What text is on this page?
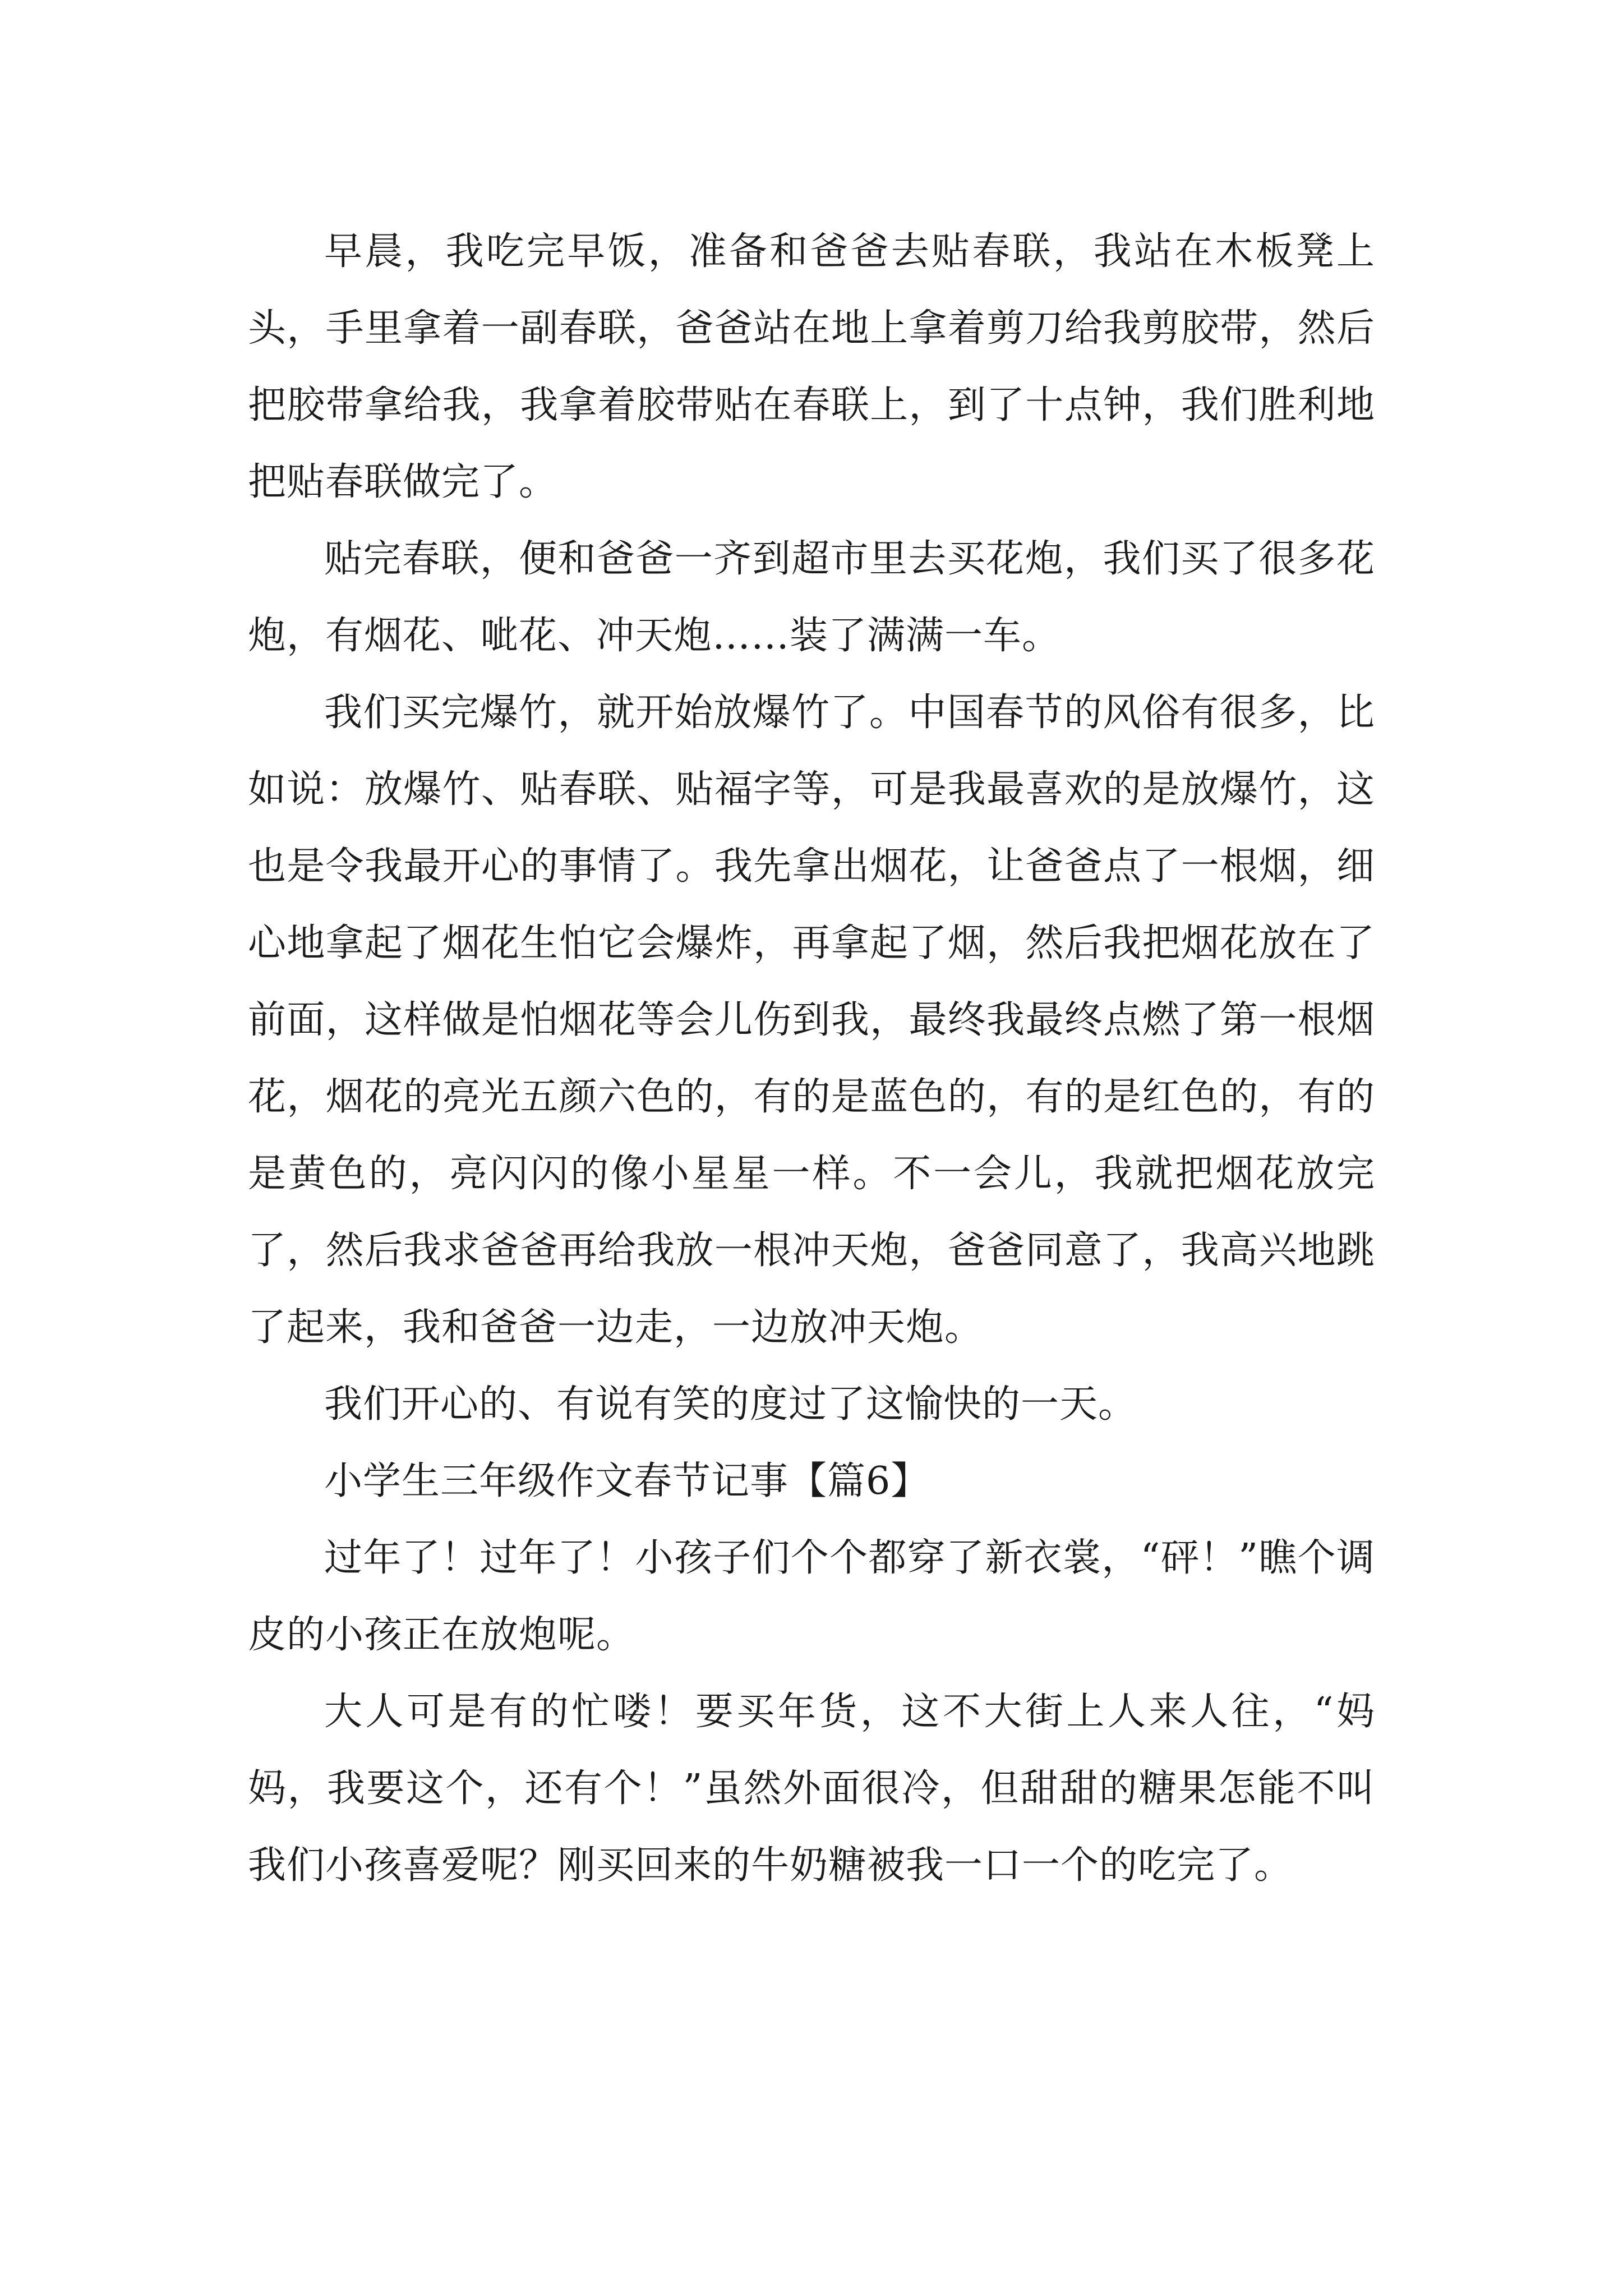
早晨，我吃完早饭，准备和爸爸去贴春联，我站在木板凳上头，手里拿着一副春联，爸爸站在地上拿着剪刀给我剪胶带，然后把胶带拿给我，我拿着胶带贴在春联上，到了十点钟，我们胜利地把贴春联做完了。

贴完春联，便和爸爸一齐到超市里去买花炮，我们买了很多花炮，有烟花、呲花、冲天炮……装了满满一车。

我们买完爆竹，就开始放爆竹了。中国春节的风俗有很多，比如说：放爆竹、贴春联、贴福字等，可是我最喜欢的是放爆竹，这也是令我最开心的事情了。我先拿出烟花，让爸爸点了一根烟，细心地拿起了烟花生怕它会爆炸，再拿起了烟，然后我把烟花放在了前面，这样做是怕烟花等会儿伤到我，最终我最终点燃了第一根烟花，烟花的亮光五颜六色的，有的是蓝色的，有的是红色的，有的是黄色的，亮闪闪的像小星星一样。不一会儿，我就把烟花放完了，然后我求爸爸再给我放一根冲天炮，爸爸同意了，我高兴地跳了起来，我和爸爸一边走，一边放冲天炮。

我们开心的、有说有笑的度过了这愉快的一天。

小学生三年级作文春节记事【篇6】

过年了！过年了！小孩子们个个都穿了新衣裳，“砰！”瞧个调皮的小孩正在放炮呢。

大人可是有的忙喽！要买年货，这不大街上人来人往，“妈妈，我要这个，还有个！”虽然外面很冷，但甜甜的糖果怎能不叫我们小孩喜爱呢？刚买回来的牛奶糖被我一口一个的吃完了。
